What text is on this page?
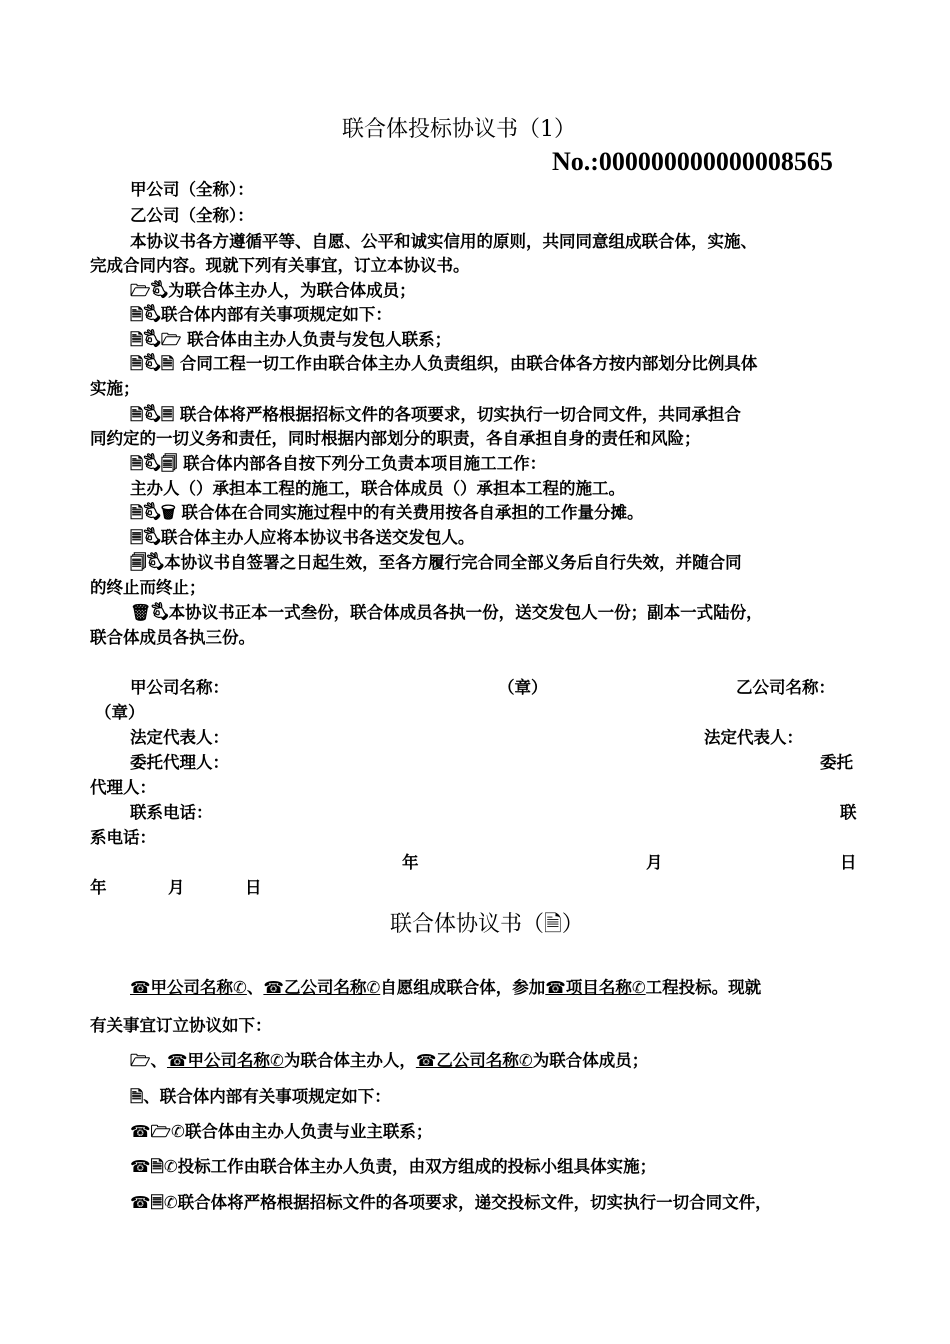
联合体投标协议书（1）
No.:000000000000008565
甲公司（全称）：
乙公司（全称）：
本协议书各方遵循平等、自愿、公平和诚实信用的原则，共同同意组成联合体，实施、
完成合同内容。现就下列有关事宜，订立本协议书。
🗁🖏为联合体主办人，为联合体成员；
🗎🖏联合体内部有关事项规定如下：
🗎🖏🗁 联合体由主办人负责与发包人联系；
🗎🖏🗎 合同工程一切工作由联合体主办人负责组织，由联合体各方按内部划分比例具体
实施；
🗎🖏🗏 联合体将严格根据招标文件的各项要求，切实执行一切合同文件，共同承担合
同约定的一切义务和责任，同时根据内部划分的职责，各自承担自身的责任和风险；
🗎🖏🗐 联合体内部各自按下列分工负责本项目施工工作：
主办人（）承担本工程的施工，联合体成员（）承担本工程的施工。
🗎🖏🗑 联合体在合同实施过程中的有关费用按各自承担的工作量分摊。
🗏🖏联合体主办人应将本协议书各送交发包人。
🗐🖏本协议书自签署之日起生效，至各方履行完合同全部义务后自行失效，并随合同
的终止而终止；
🗑🖏本协议书正本一式叁份，联合体成员各执一份，送交发包人一份；副本一式陆份，
联合体成员各执三份。
甲公司名称：	（章）	乙公司名称：
（章）
法定代表人：	法定代表人：
委托代理人：	委托
代理人：
联系电话：	联
系电话：
年	月	日
年	月	日
联合体协议书（🗎）
☎甲公司名称✆、☎乙公司名称✆自愿组成联合体，参加☎项目名称✆工程投标。现就
有关事宜订立协议如下：
🗁、☎甲公司名称✆为联合体主办人，☎乙公司名称✆为联合体成员；
🗎、联合体内部有关事项规定如下：
☎🗁✆联合体由主办人负责与业主联系；
☎🗎✆投标工作由联合体主办人负责，由双方组成的投标小组具体实施；
☎🗏✆联合体将严格根据招标文件的各项要求，递交投标文件，切实执行一切合同文件，
